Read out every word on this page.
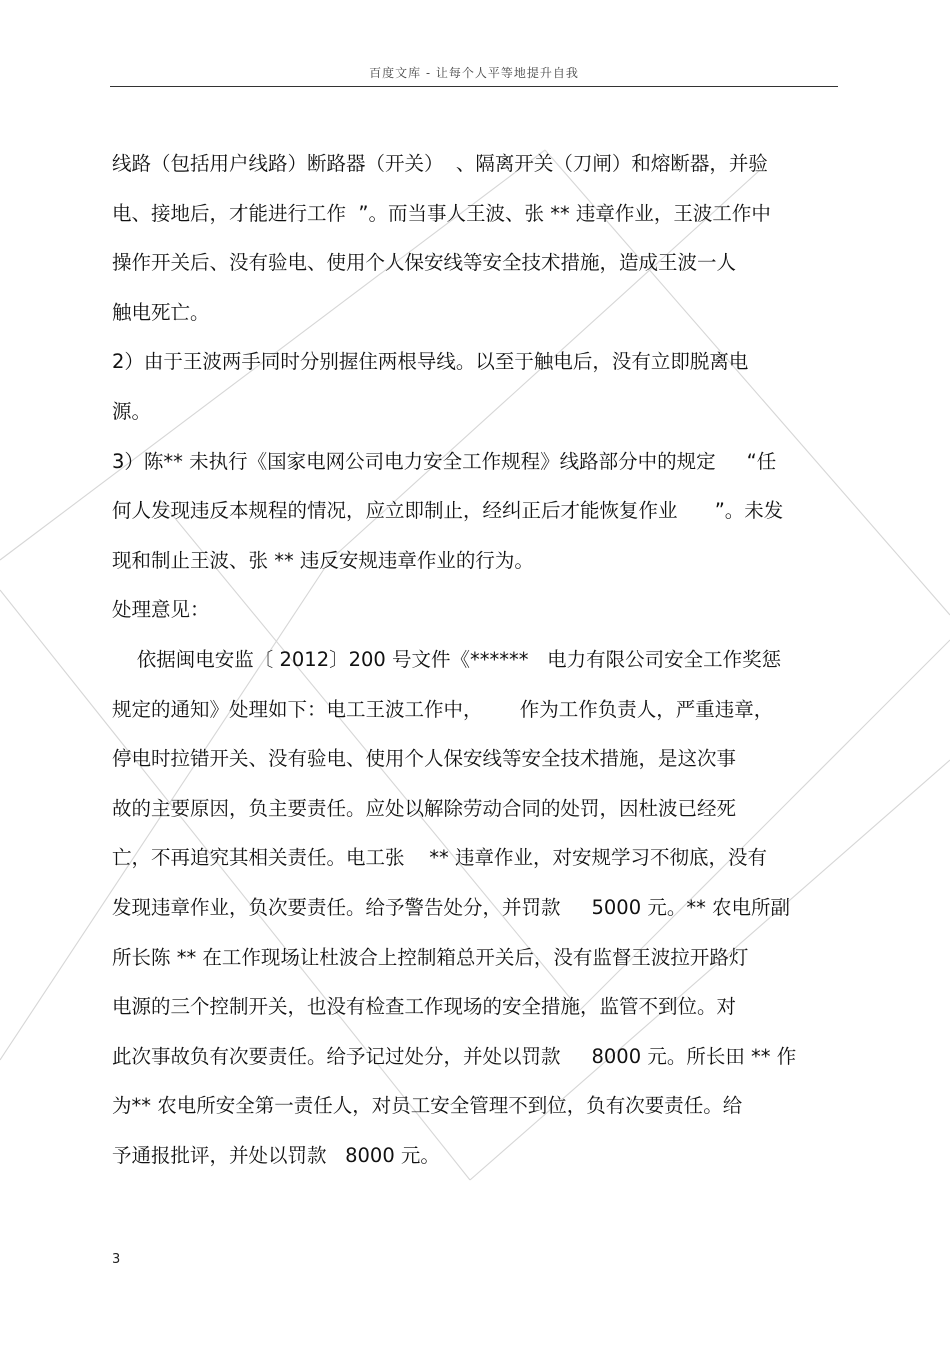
百度文库 - 让每个人平等地提升自我
线路（包括用户线路）断路器（开关）  、隔离开关（刀闸）和熔断器，并验
电、接地后，才能进行工作  ”。而当事人王波、张 ** 违章作业，王波工作中
操作开关后、没有验电、使用个人保安线等安全技术措施，造成王波一人
触电死亡。
2）由于王波两手同时分别握住两根导线。以至于触电后，没有立即脱离电
源。
3）陈** 未执行《国家电网公司电力安全工作规程》线路部分中的规定     “任
何人发现违反本规程的情况，应立即制止，经纠正后才能恢复作业      ”。未发
现和制止王波、张 ** 违反安规违章作业的行为。
处理意见：
依据闽电安监〔 2012〕200 号文件《******   电力有限公司安全工作奖惩
规定的通知》处理如下：电工王波工作中，      作为工作负责人，严重违章，
停电时拉错开关、没有验电、使用个人保安线等安全技术措施，是这次事
故的主要原因，负主要责任。应处以解除劳动合同的处罚，因杜波已经死
亡，不再追究其相关责任。电工张    ** 违章作业，对安规学习不彻底，没有
发现违章作业，负次要责任。给予警告处分，并罚款     5000 元。** 农电所副
所长陈 ** 在工作现场让杜波合上控制箱总开关后，没有监督王波拉开路灯
电源的三个控制开关，也没有检查工作现场的安全措施，监管不到位。对
此次事故负有次要责任。给予记过处分，并处以罚款     8000 元。所长田 ** 作
为** 农电所安全第一责任人，对员工安全管理不到位，负有次要责任。给
予通报批评，并处以罚款   8000 元。
3
